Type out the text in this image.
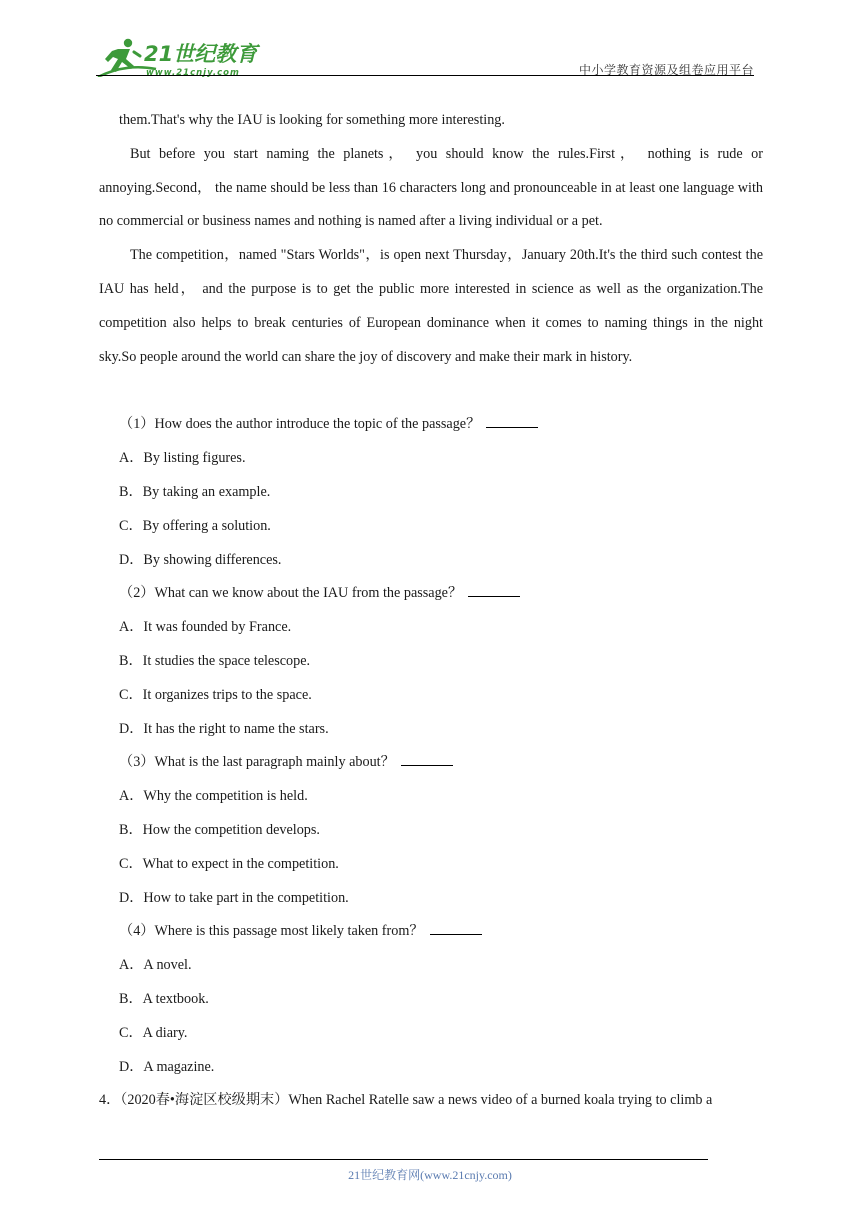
21世纪教育
www.21cnjy.com	中小学教育资源及组卷应用平台

them.That's why the IAU is looking for something more interesting.

But before you start naming the planets， you should know the rules.First， nothing is rude or annoying.Second， the name should be less than 16 characters long and pronounceable in at least one language with no commercial or business names and nothing is named after a living individual or a pet.

The competition，named "Stars Worlds"，is open next Thursday，January 20th.It's the third such contest the IAU has held， and the purpose is to get the public more interested in science as well as the organization.The competition also helps to break centuries of European dominance when it comes to naming things in the night sky.So people around the world can share the joy of discovery and make their mark in history.

（1）How does the author introduce the topic of the passage？

A．By listing figures.

B．By taking an example.

C．By offering a solution.

D．By showing differences.

（2）What can we know about the IAU from the passage？

A．It was founded by France.

B．It studies the space telescope.

C．It organizes trips to the space.

D．It has the right to name the stars.

（3）What is the last paragraph mainly about？

A．Why the competition is held.

B．How the competition develops.

C．What to expect in the competition.

D．How to take part in the competition.

（4）Where is this passage most likely taken from？

A．A novel.

B．A textbook.

C．A diary.

D．A magazine.

4．（2020春•海淀区校级期末）When Rachel Ratelle saw a news video of a burned koala trying to climb a

21世纪教育网(www.21cnjy.com)
